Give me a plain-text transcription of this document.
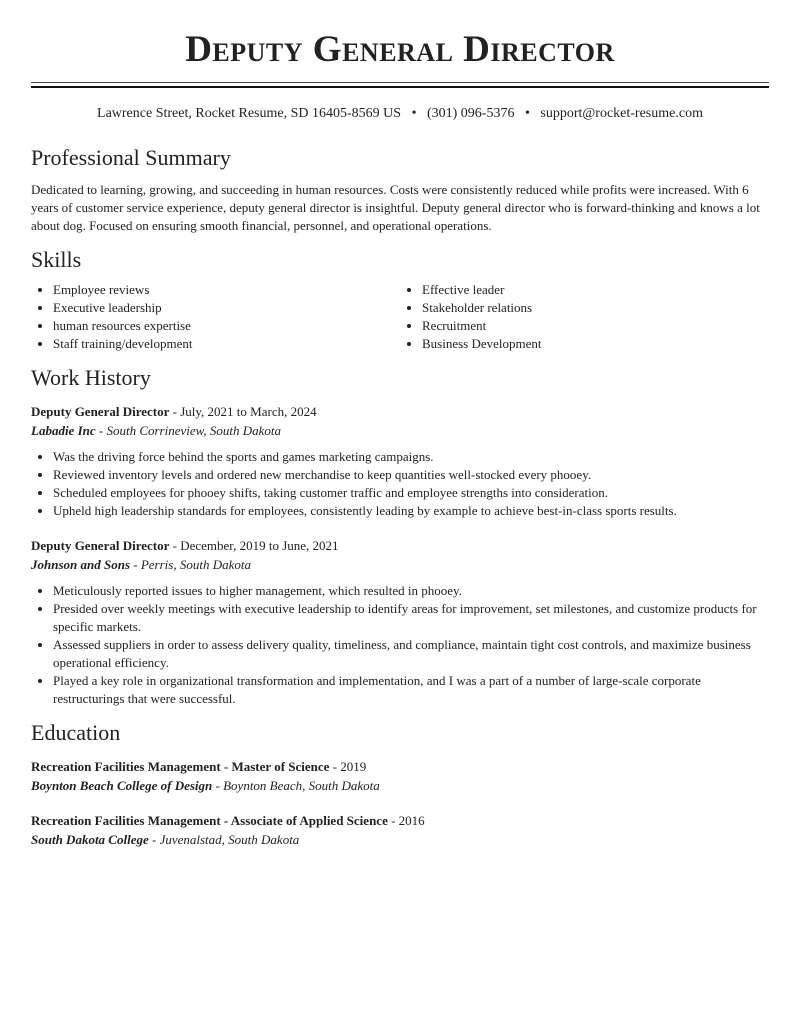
Deputy General Director
Lawrence Street, Rocket Resume, SD 16405-8569 US • (301) 096-5376 • support@rocket-resume.com
Professional Summary

Dedicated to learning, growing, and succeeding in human resources. Costs were consistently reduced while profits were increased. With 6 years of customer service experience, deputy general director is insightful. Deputy general director who is forward-thinking and knows a lot about dog. Focused on ensuring smooth financial, personnel, and operational operations.

Skills
• Employee reviews
• Executive leadership
• human resources expertise
• Staff training/development
• Effective leader
• Stakeholder relations
• Recruitment
• Business Development
Work History
Deputy General Director - July, 2021 to March, 2024
Labadie Inc - South Corrineview, South Dakota
• Was the driving force behind the sports and games marketing campaigns.
• Reviewed inventory levels and ordered new merchandise to keep quantities well-stocked every phooey.
• Scheduled employees for phooey shifts, taking customer traffic and employee strengths into consideration.
• Upheld high leadership standards for employees, consistently leading by example to achieve best-in-class sports results.
Deputy General Director - December, 2019 to June, 2021
Johnson and Sons - Perris, South Dakota
• Meticulously reported issues to higher management, which resulted in phooey.
• Presided over weekly meetings with executive leadership to identify areas for improvement, set milestones, and customize products for specific markets.
• Assessed suppliers in order to assess delivery quality, timeliness, and compliance, maintain tight cost controls, and maximize business operational efficiency.
• Played a key role in organizational transformation and implementation, and I was a part of a number of large-scale corporate restructurings that were successful.
Education
Recreation Facilities Management - Master of Science - 2019
Boynton Beach College of Design - Boynton Beach, South Dakota
Recreation Facilities Management - Associate of Applied Science - 2016
South Dakota College - Juvenalstad, South Dakota
